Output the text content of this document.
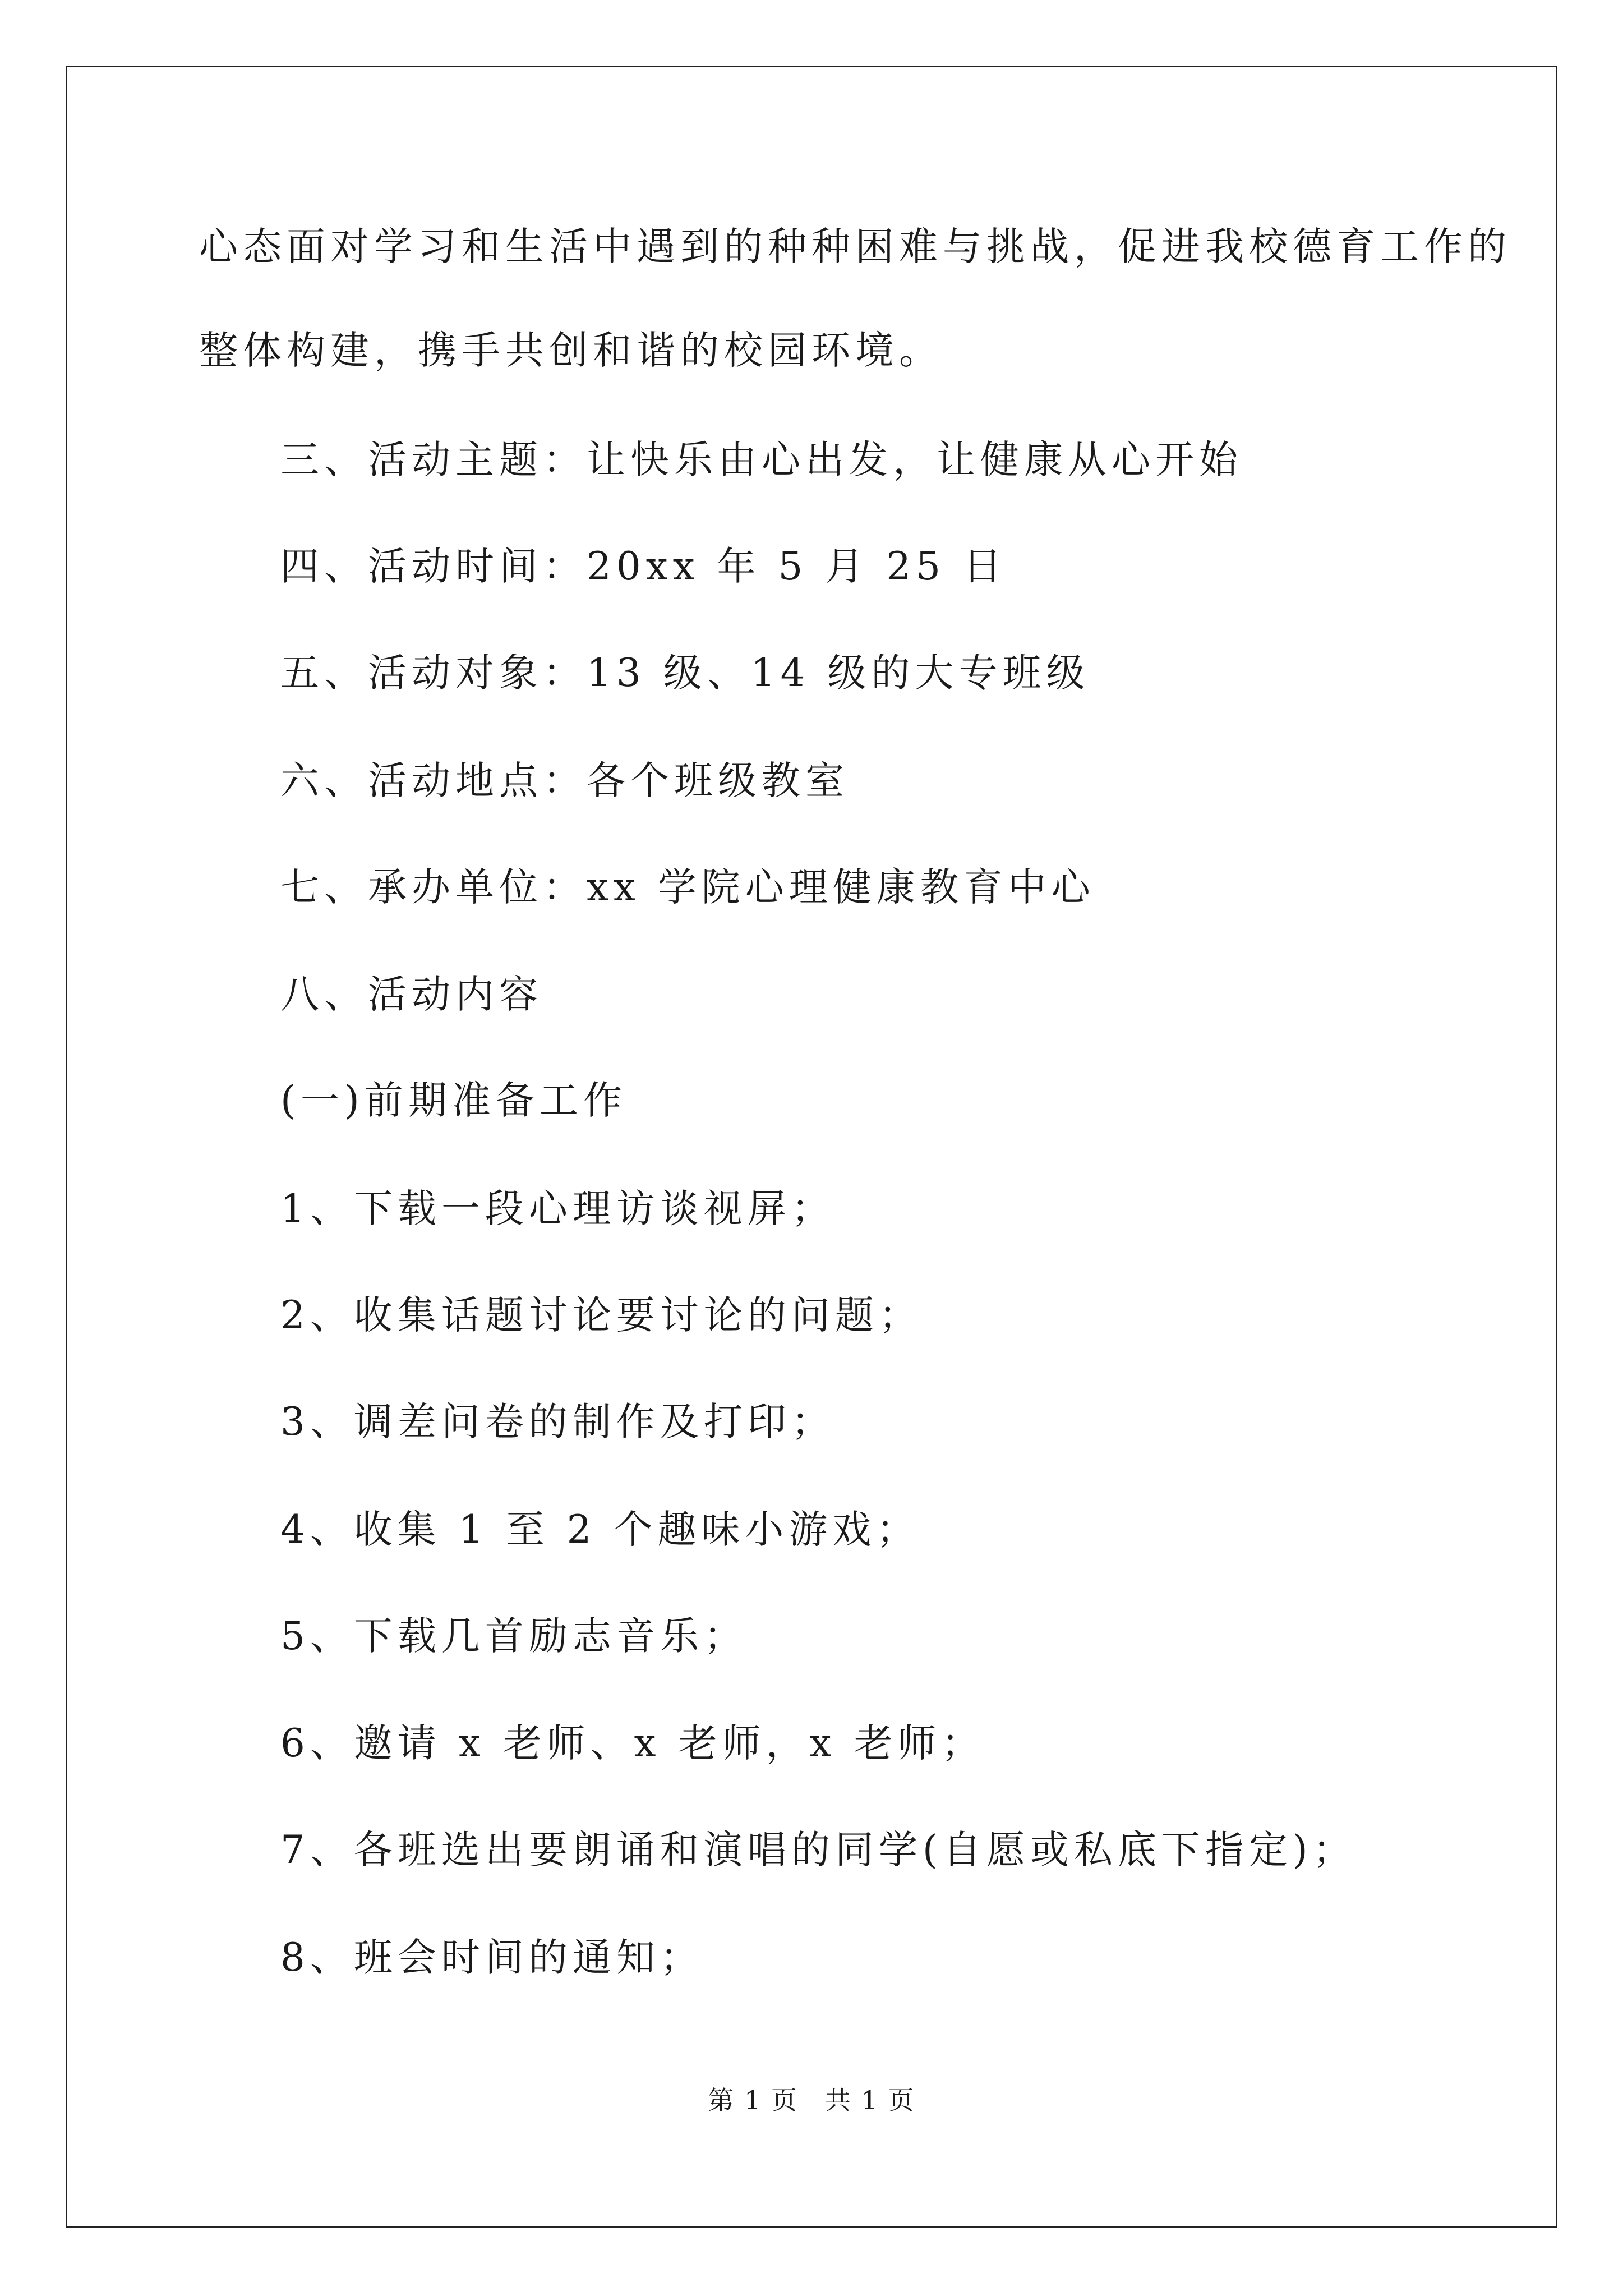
心态面对学习和生活中遇到的种种困难与挑战，促进我校德育工作的
整体构建，携手共创和谐的校园环境。
三、活动主题：让快乐由心出发，让健康从心开始
四、活动时间：20xx 年 5 月 25 日
五、活动对象：13 级、14 级的大专班级
六、活动地点：各个班级教室
七、承办单位：xx 学院心理健康教育中心
八、活动内容
(一)前期准备工作
1、下载一段心理访谈视屏；
2、收集话题讨论要讨论的问题；
3、调差问卷的制作及打印；
4、收集 1 至 2 个趣味小游戏；
5、下载几首励志音乐；
6、邀请 x 老师、x 老师，x 老师；
7、各班选出要朗诵和演唱的同学(自愿或私底下指定)；
8、班会时间的通知；
第 1 页　共 1 页
